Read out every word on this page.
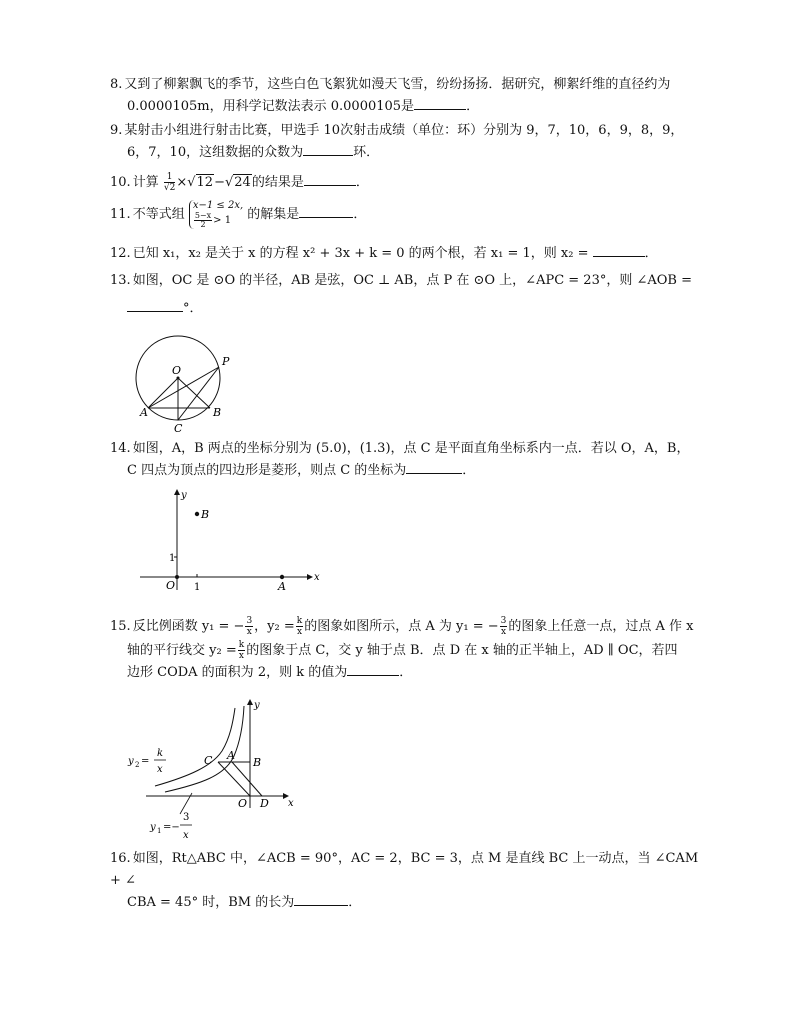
8. 又到了柳絮飘飞的季节，这些白色飞絮犹如漫天飞雪，纷纷扬扬．据研究，柳絮纤维的直径约为
0.0000105m，用科学记数法表示 0.0000105是	．
9. 某射击小组进行射击比赛，甲选手 10次射击成绩（单位：环）分别为 9，7，10，6，9，8，9，
6，7，10，这组数据的众数为	环．
10. 计算 $\frac{1}{√2} \times√12-√24$的结果是	．
11. 不等式组
x−1 ≤ 2x,
$\frac{5-x}{2} > 1$	的解集是	．
12. 已知 x₁，x₂ 是关于 x 的方程 x² + 3x + k = 0 的两个根，若 x₁ = 1，则 x₂ =	．
13. 如图，OC 是 ⊙O 的半径，AB 是弦，OC ⊥ AB，点 P 在 ⊙O 上，∠APC = 23°，则 ∠AOB =
°．
O
P
A	B
C
14. 如图，A，B 两点的坐标分别为 (5.0)，(1.3)，点 C 是平面直角坐标系内一点．若以 O，A，B，
C 四点为顶点的四边形是菱形，则点 C 的坐标为	．
y
x
O
1
1	A
B
15. 反比例函数 y₁ = − $\frac{3}{x}$ ，$y_2 = \frac{k}{x}$ 的图象如图所示，点 A 为 y₁ = − $\frac{3}{x}$ 的图象上任意一点，过点 A 作 x
轴的平行线交 $y_2 = \frac{k}{x}$ 的图象于点 C，交 y 轴于点 B．点 D 在 x 轴的正半轴上，AD ∥ OC，若四
边形 CODA 的面积为 2，则 k 的值为	．
y
x
O D
B
A
C
y 2 =
k
x
y 1 =−
3
x
16. 如图，Rt△ABC 中，∠ACB = 90°，AC = 2，BC = 3，点 M 是直线 BC 上一动点，当 ∠CAM + ∠
CBA = 45° 时，BM 的长为	．
